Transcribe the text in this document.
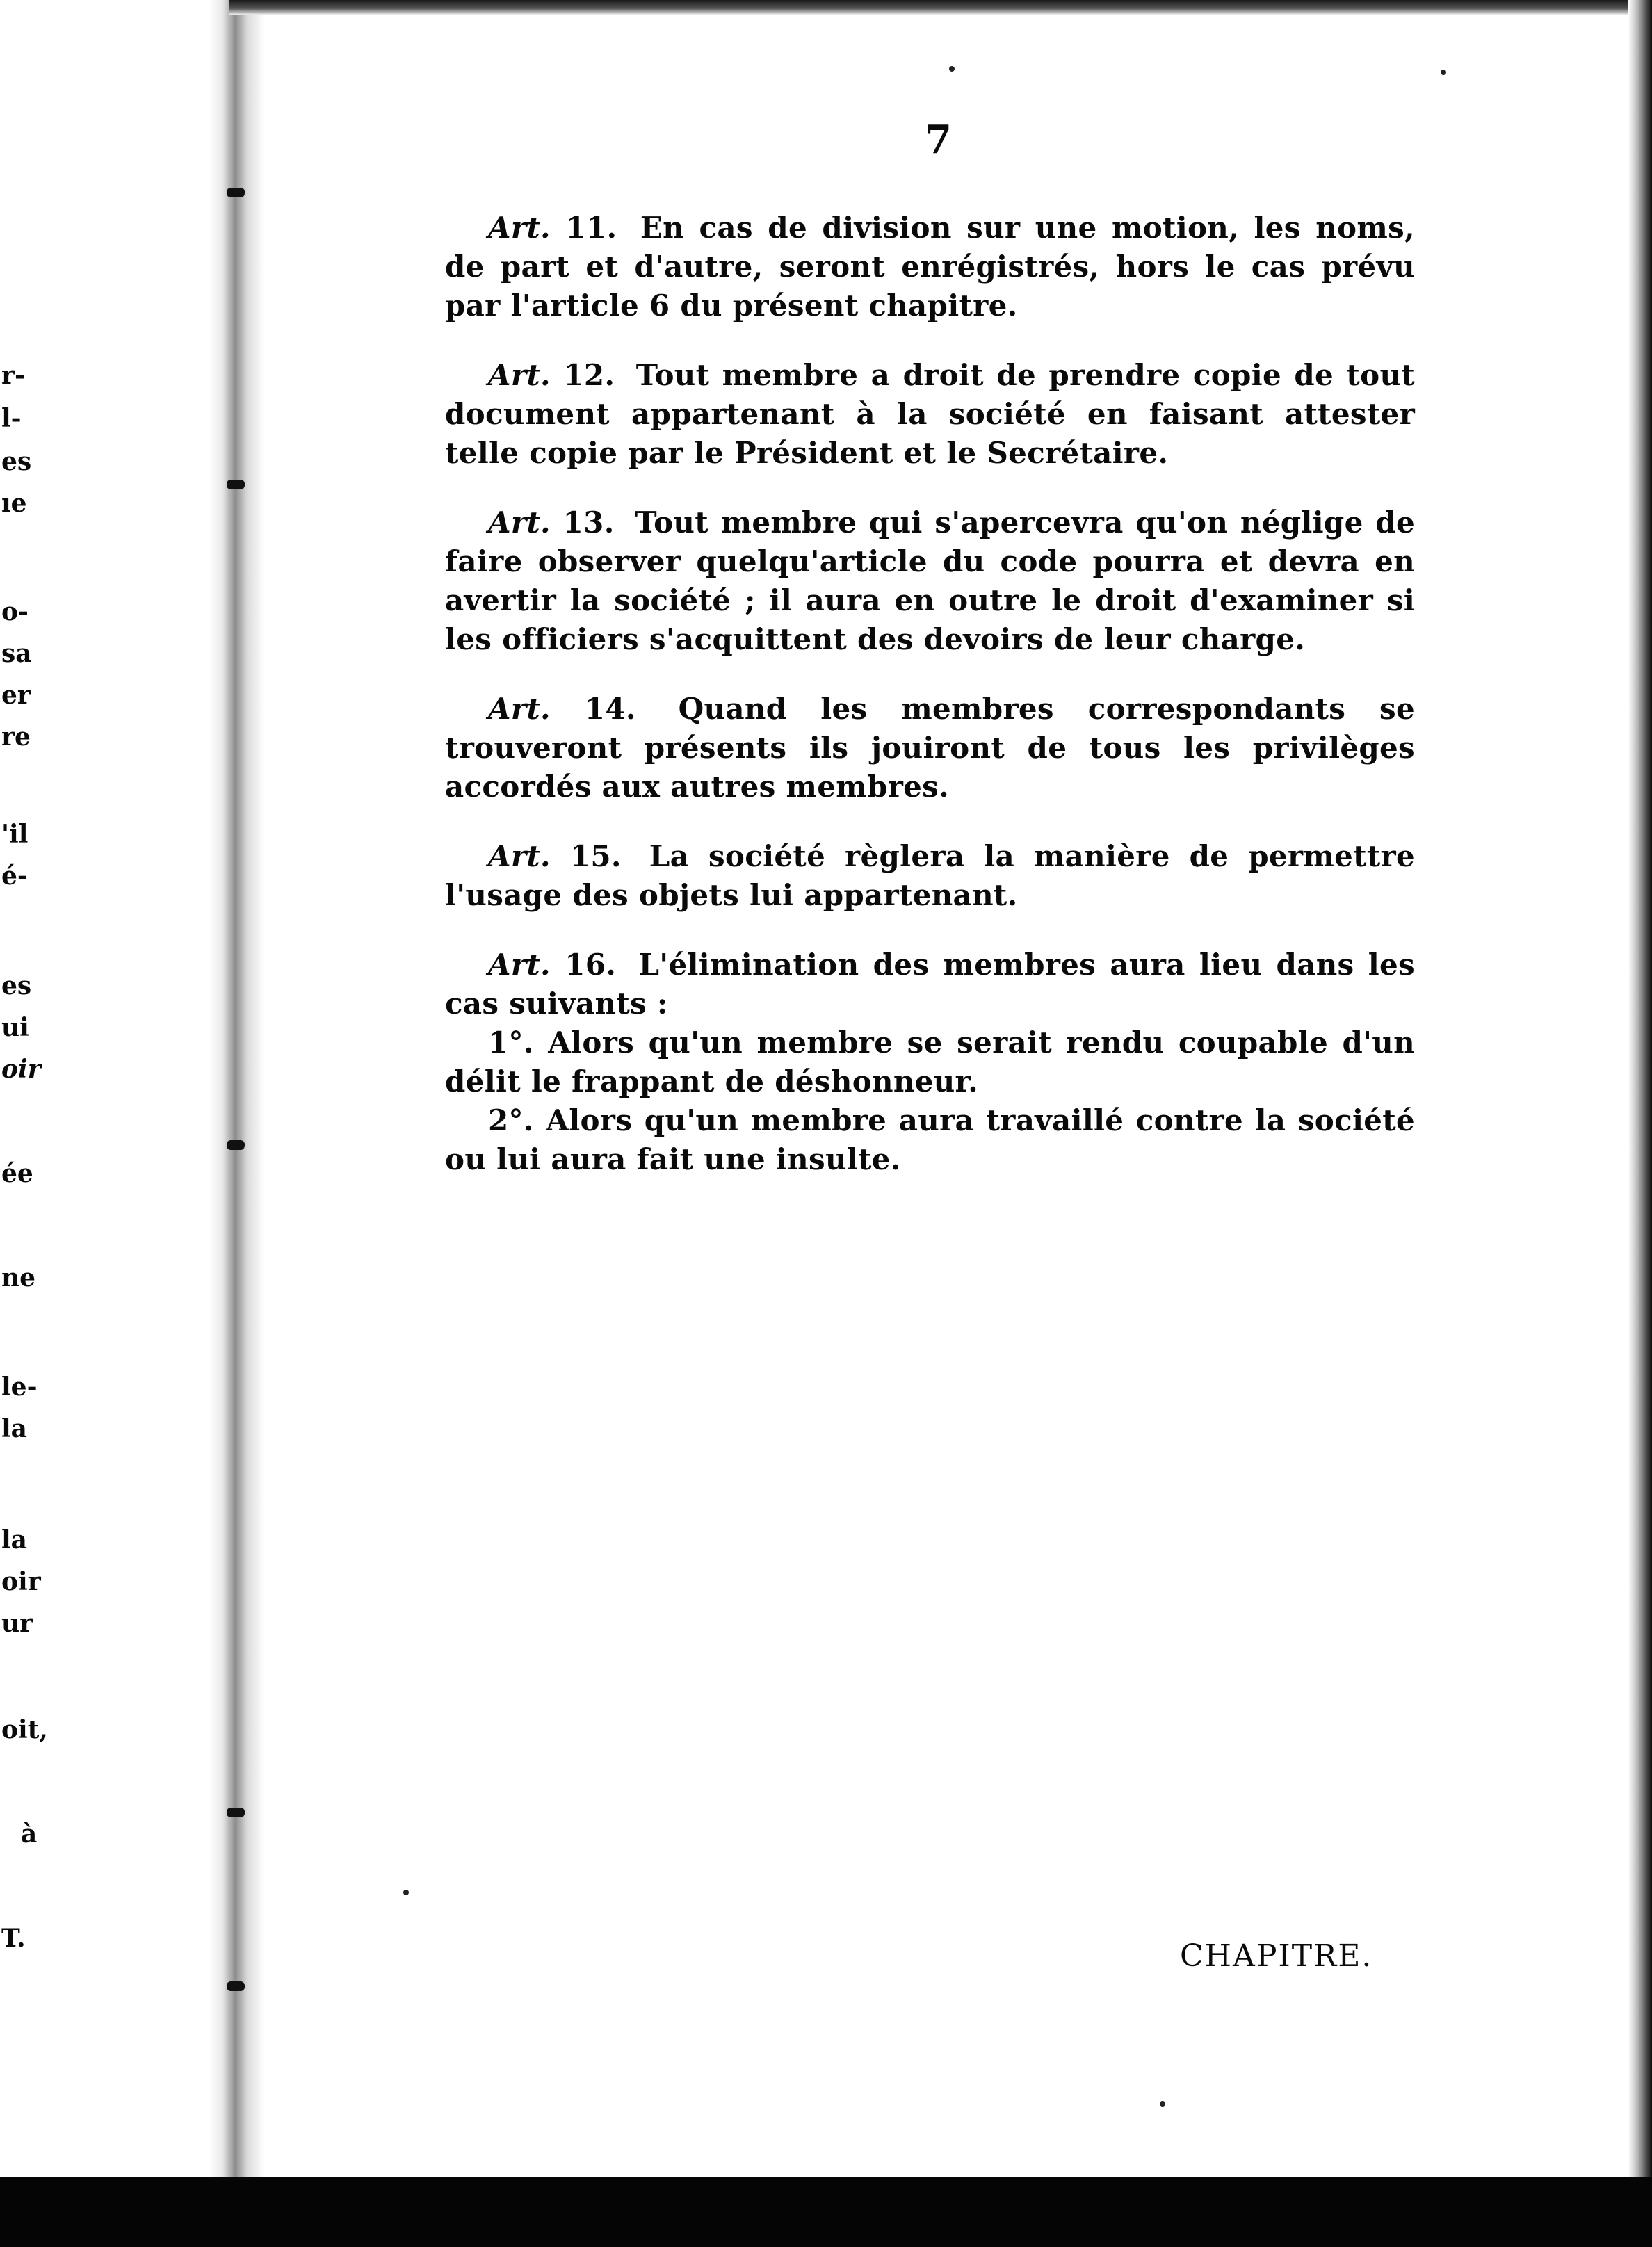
r-
l-
es
ıe
o-
sa
er
re
'il
é-
es
ui
oir
ée
ne
le-
la
la
oir
ur
oit,
à
T.
7
Art. 11. En cas de division sur une motion, les noms, de part et d'autre, seront enrégistrés, hors le cas prévu par l'article 6 du présent chapitre.
Art. 12. Tout membre a droit de prendre copie de tout document appartenant à la société en faisant attester telle copie par le Président et le Secrétaire.
Art. 13. Tout membre qui s'apercevra qu'on néglige de faire observer quelqu'article du code pourra et devra en avertir la société ; il aura en outre le droit d'examiner si les officiers s'acquittent des devoirs de leur charge.
Art. 14. Quand les membres correspondants se trouveront présents ils jouiront de tous les privilèges accordés aux autres membres.
Art. 15. La société règlera la manière de permettre l'usage des objets lui appartenant.
Art. 16. L'élimination des membres aura lieu dans les cas suivants :
1°. Alors qu'un membre se serait rendu coupable d'un délit le frappant de déshonneur.
2°. Alors qu'un membre aura travaillé contre la société ou lui aura fait une insulte.
CHAPITRE.
